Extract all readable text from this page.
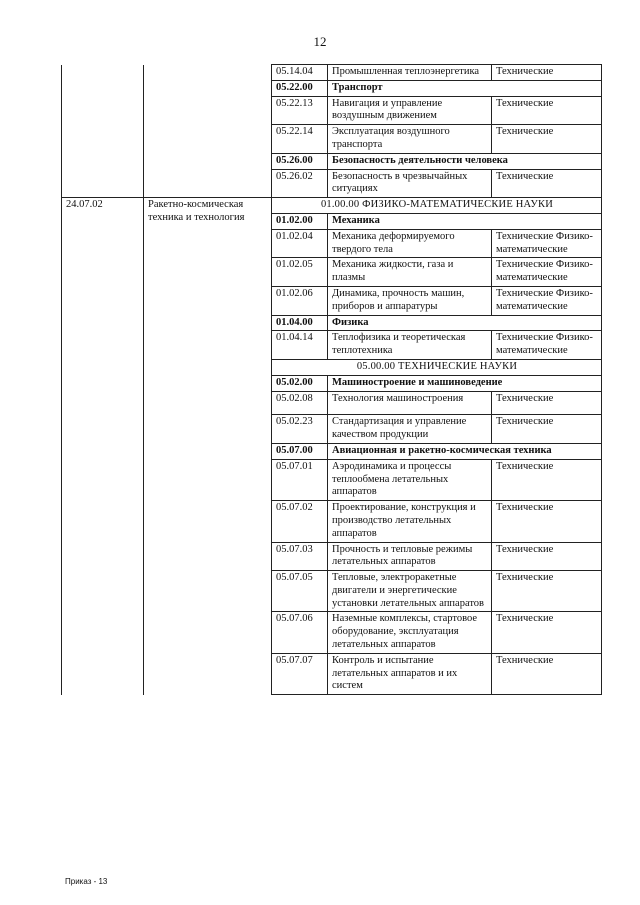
12
		05.14.04	Промышленная теплоэнергетика	Технические
		05.22.00	Транспорт	
		05.22.13	Навигация и управление воздушным движением	Технические
		05.22.14	Эксплуатация воздушного транспорта	Технические
		05.26.00	Безопасность деятельности человека	
		05.26.02	Безопасность в чрезвычайных ситуациях	Технические
24.07.02	Ракетно-космическая техника и технология	01.00.00 ФИЗИКО-МАТЕМАТИЧЕСКИЕ НАУКИ		
		01.02.00	Механика	
		01.02.04	Механика деформируемого твердого тела	Технические Физико-математические
		01.02.05	Механика жидкости, газа и плазмы	Технические Физико-математические
		01.02.06	Динамика, прочность машин, приборов и аппаратуры	Технические Физико-математические
		01.04.00	Физика	
		01.04.14	Теплофизика и теоретическая теплотехника	Технические Физико-математические
		05.00.00 ТЕХНИЧЕСКИЕ НАУКИ		
		05.02.00	Машиностроение и машиноведение	
		05.02.08	Технология машиностроения	Технические
		05.02.23	Стандартизация и управление качеством продукции	Технические
		05.07.00	Авиационная и ракетно-космическая техника	
		05.07.01	Аэродинамика и процессы теплообмена летательных аппаратов	Технические
		05.07.02	Проектирование, конструкция и производство летательных аппаратов	Технические
		05.07.03	Прочность и тепловые режимы летательных аппаратов	Технические
		05.07.05	Тепловые, электроракетные двигатели и энергетические установки летательных аппаратов	Технические
		05.07.06	Наземные комплексы, стартовое оборудование, эксплуатация летательных аппаратов	Технические
		05.07.07	Контроль и испытание летательных аппаратов и их систем	Технические
Приказ - 13
